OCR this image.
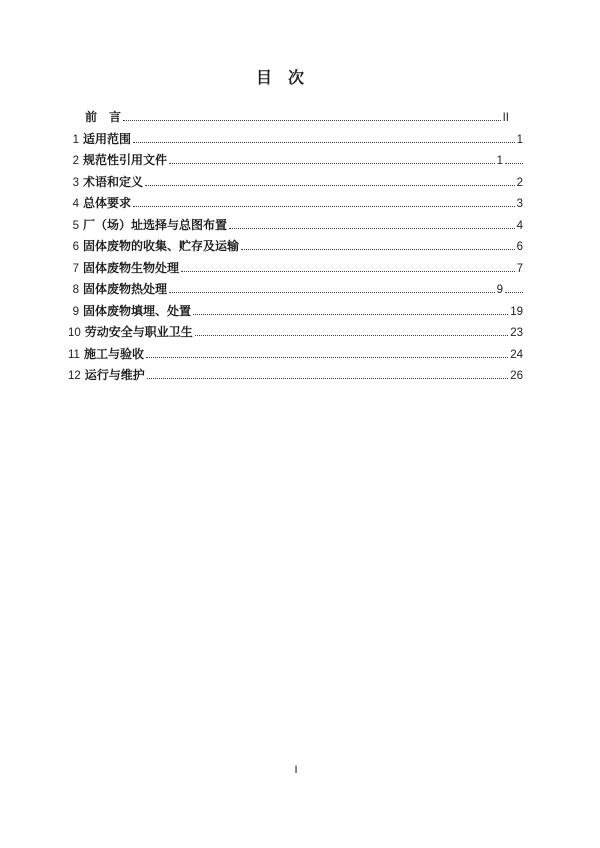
目　次
前　言	II
1 适用范围	1
2 规范性引用文件	1
3 术语和定义	2
4 总体要求	3
5 厂（场）址选择与总图布置	4
6 固体废物的收集、贮存及运输	6
7 固体废物生物处理	7
8 固体废物热处理	9
9 固体废物填埋、处置	19
10 劳动安全与职业卫生	23
11 施工与验收	24
12 运行与维护	26
I
